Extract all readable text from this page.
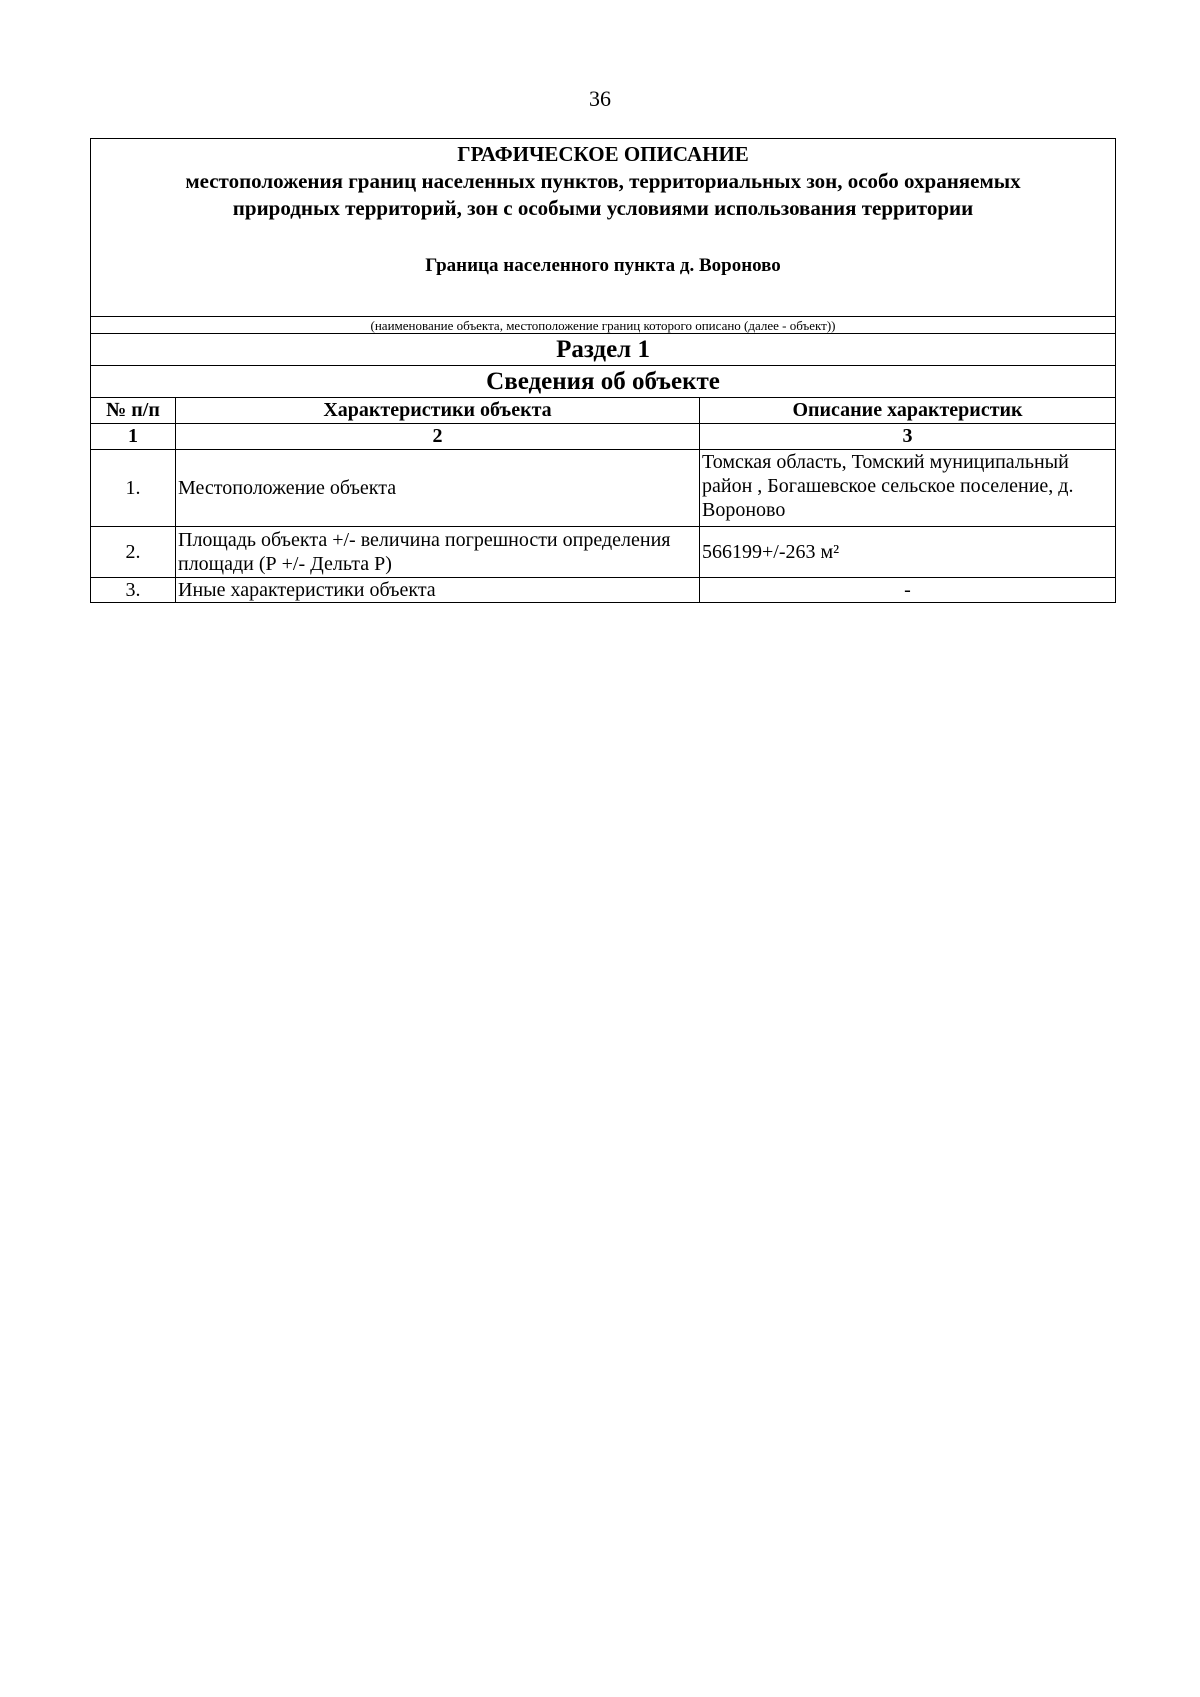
36
ГРАФИЧЕСКОЕ ОПИСАНИЕ
местоположения границ населенных пунктов, территориальных зон, особо охраняемых
природных территорий, зон с особыми условиями использования территории
Граница населенного пункта д. Вороново		

(наименование объекта, местоположение границ которого описано (далее - объект))		
Раздел 1		
Сведения об объекте		
№ п/п	Характеристики объекта	Описание характеристик
1	2	3
1.	Местоположение объекта	Томская область, Томский муниципальный район , Богашевское сельское поселение, д. Вороново
2.	Площадь объекта +/- величина погрешности определения площади (Р +/- Дельта Р)	566199+/-263 м²
3.	Иные характеристики объекта	-
